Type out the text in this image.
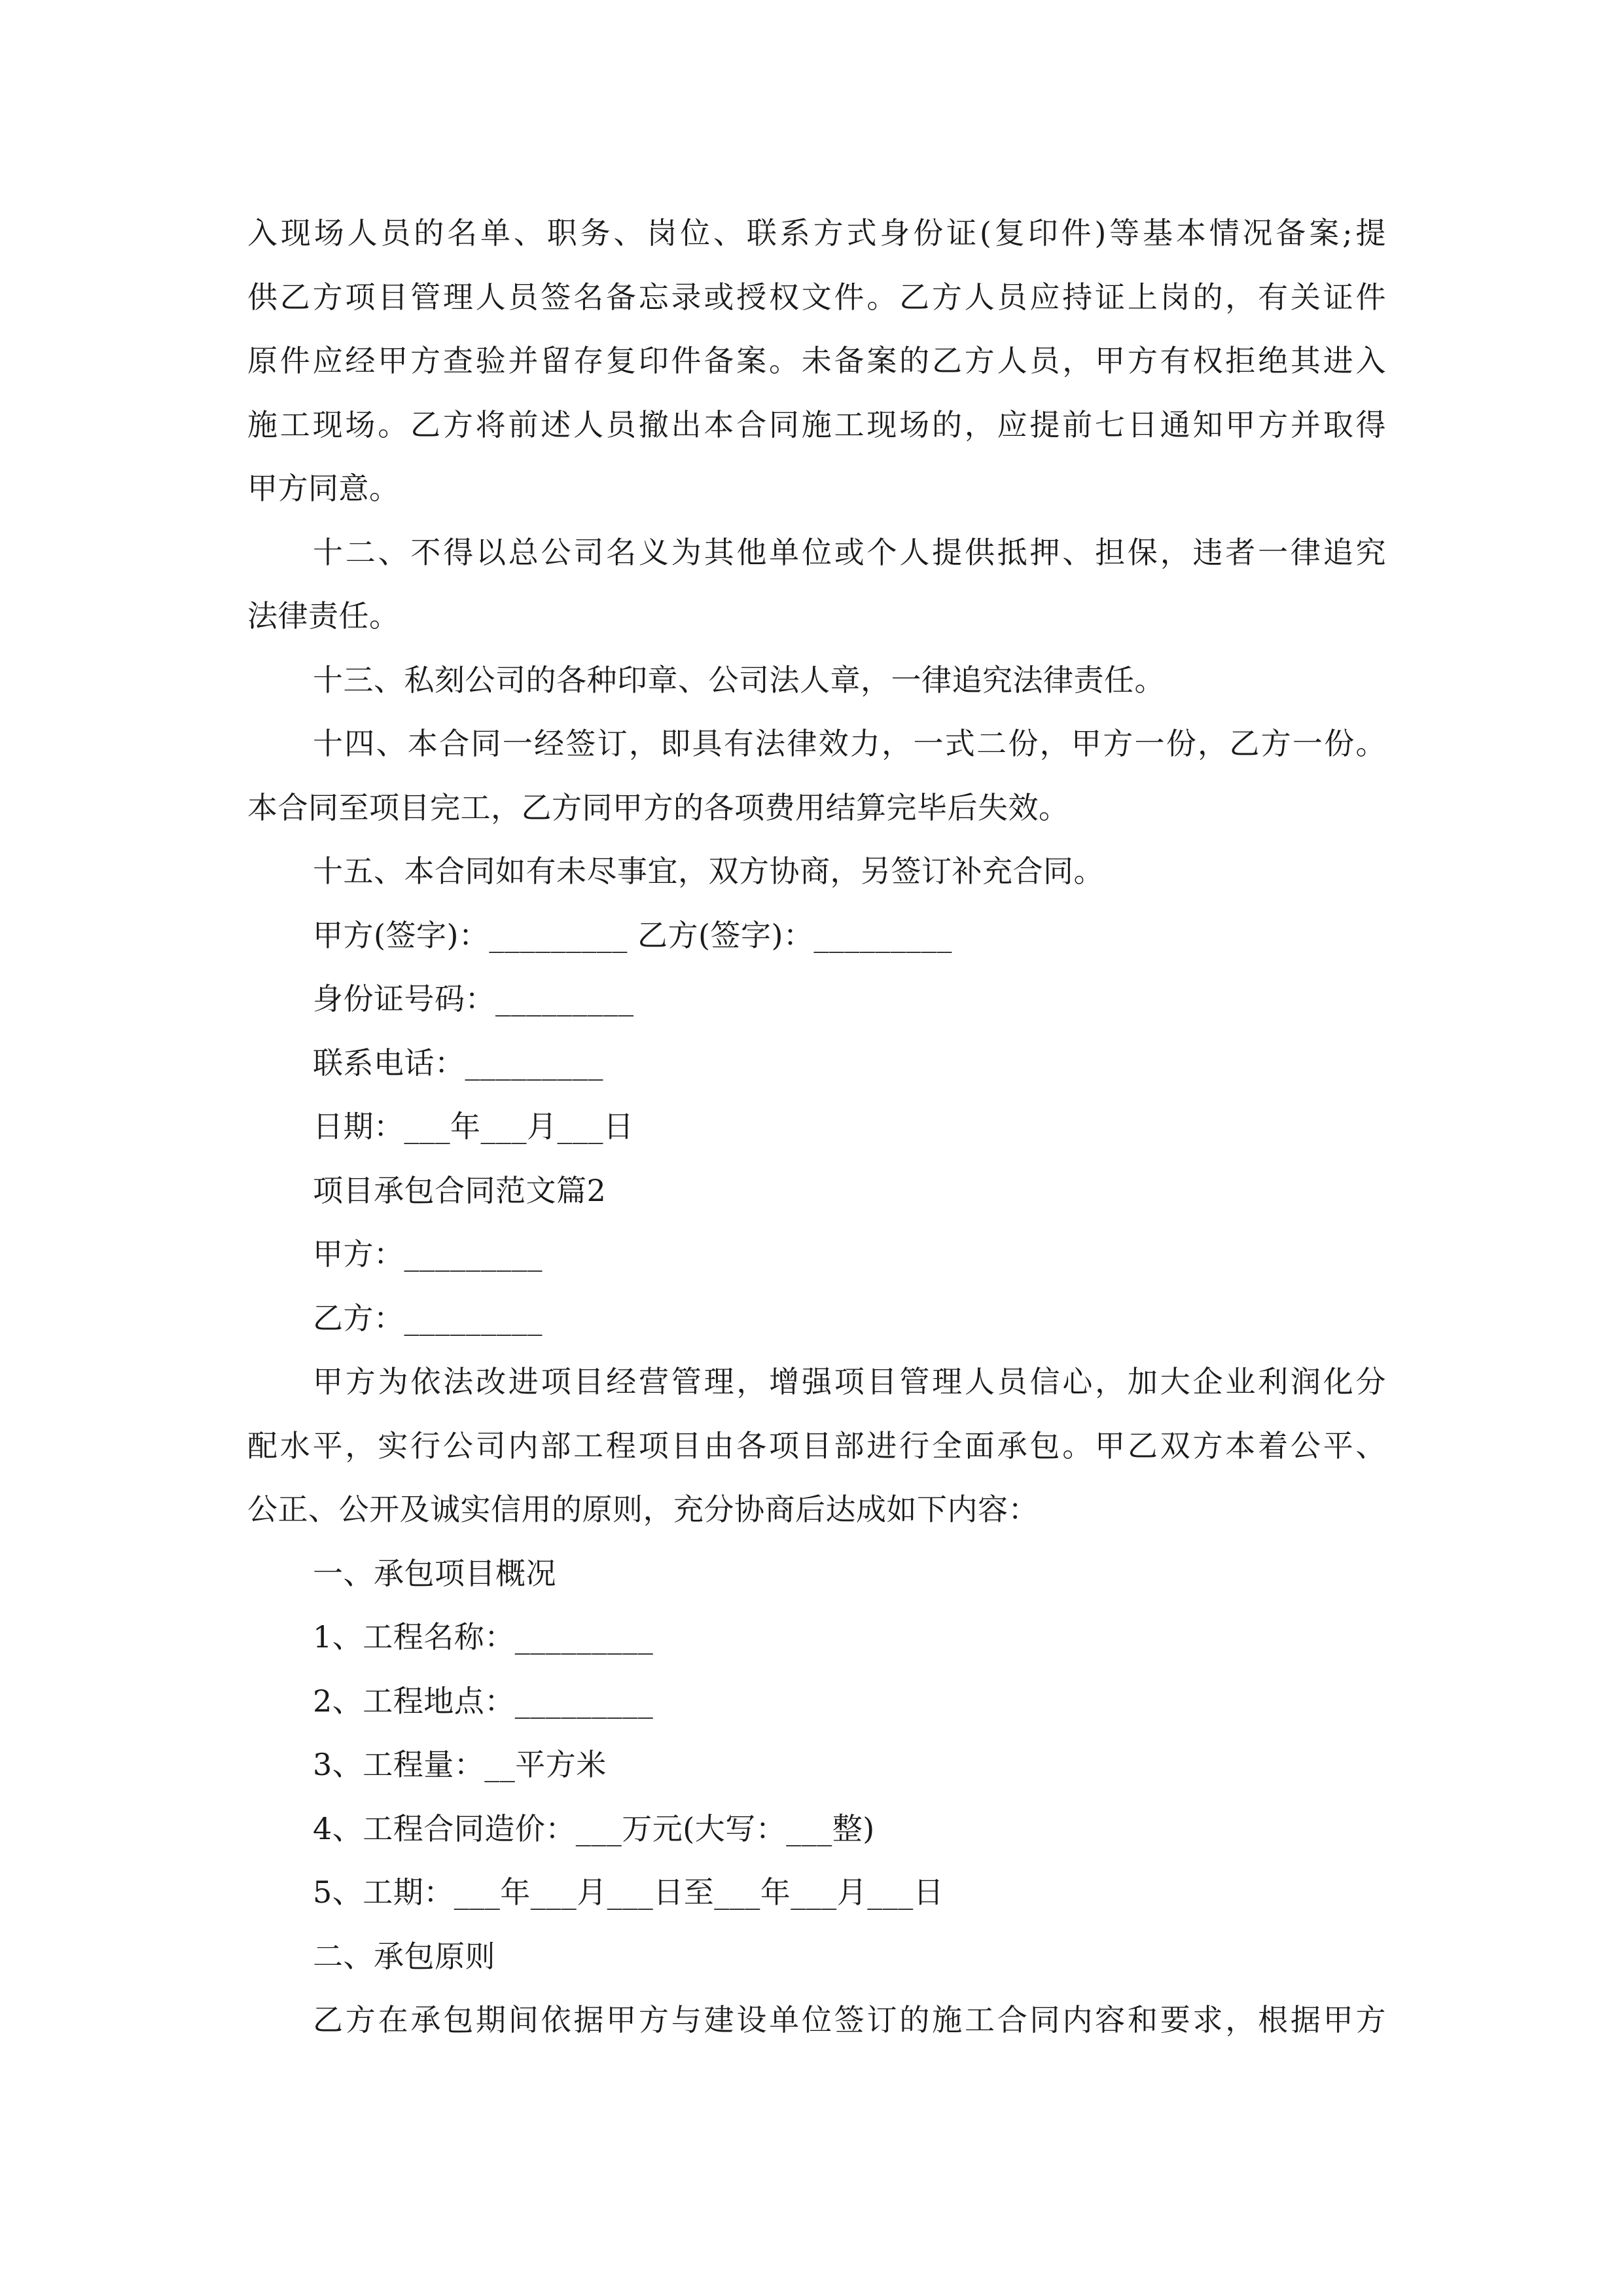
入现场人员的名单、职务、岗位、联系方式身份证(复印件)等基本情况备案;提
供乙方项目管理人员签名备忘录或授权文件。乙方人员应持证上岗的，有关证件
原件应经甲方查验并留存复印件备案。未备案的乙方人员，甲方有权拒绝其进入
施工现场。乙方将前述人员撤出本合同施工现场的，应提前七日通知甲方并取得
甲方同意。
十二、不得以总公司名义为其他单位或个人提供抵押、担保，违者一律追究
法律责任。
十三、私刻公司的各种印章、公司法人章，一律追究法律责任。
十四、本合同一经签订，即具有法律效力，一式二份，甲方一份，乙方一份。
本合同至项目完工，乙方同甲方的各项费用结算完毕后失效。
十五、本合同如有未尽事宜，双方协商，另签订补充合同。
甲方(签字)：_________ 乙方(签字)：_________
身份证号码：_________
联系电话：_________
日期：___年___月___日
项目承包合同范文篇2
甲方：_________
乙方：_________
甲方为依法改进项目经营管理，增强项目管理人员信心，加大企业利润化分
配水平，实行公司内部工程项目由各项目部进行全面承包。甲乙双方本着公平、
公正、公开及诚实信用的原则，充分协商后达成如下内容：
一、承包项目概况
1、工程名称：_________
2、工程地点：_________
3、工程量：__平方米
4、工程合同造价：___万元(大写：___整)
5、工期：___年___月___日至___年___月___日
二、承包原则
乙方在承包期间依据甲方与建设单位签订的施工合同内容和要求，根据甲方
